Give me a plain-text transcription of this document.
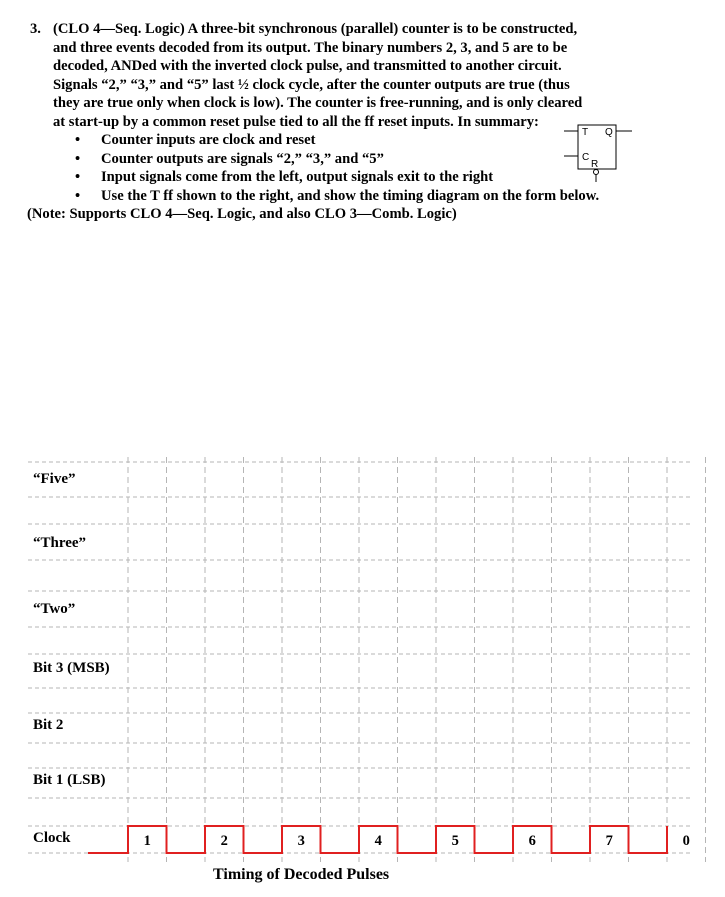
3. (CLO 4—Seq. Logic) A three-bit synchronous (parallel) counter is to be constructed,
and three events decoded from its output. The binary numbers 2, 3, and 5 are to be
decoded, ANDed with the inverted clock pulse, and transmitted to another circuit.
Signals “2,” “3,” and “5” last ½ clock cycle, after the counter outputs are true (thus
they are true only when clock is low). The counter is free-running, and is only cleared
at start-up by a common reset pulse tied to all the ff reset inputs. In summary:
• Counter inputs are clock and reset
• Counter outputs are signals “2,” “3,” and “5”
• Input signals come from the left, output signals exit to the right
• Use the T ff shown to the right, and show the timing diagram on the form below.
(Note: Supports CLO 4—Seq. Logic, and also CLO 3—Comb. Logic)
T Q
C
R
1	2	3	4	5	6	7	0
“Five”
“Three”
“Two”
Bit 3 (MSB)
Bit 2
Bit 1 (LSB)
Clock
Timing of Decoded Pulses
